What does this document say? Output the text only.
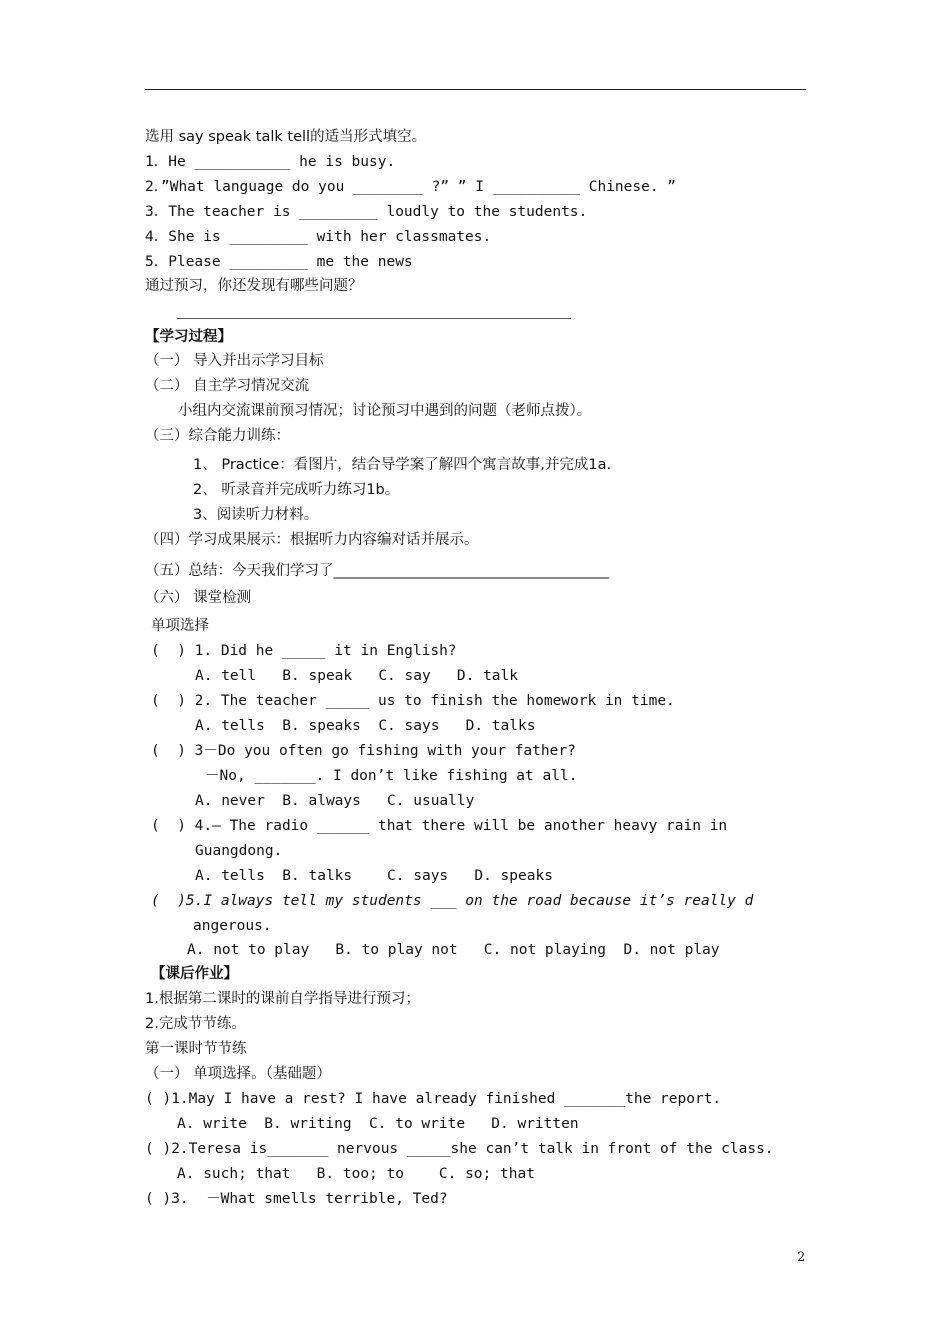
选用 say speak talk tell的适当形式填空。
1．He ___________ he is busy.
2．”What language do you ________ ?” ” I __________ Chinese. ”
3．The teacher is _________ loudly to the students.
4．She is _________ with her classmates.
5．Please _________ me the news
通过预习，你还发现有哪些问题？
【学习过程】
（一） 导入并出示学习目标
（二） 自主学习情况交流
小组内交流课前预习情况；讨论预习中遇到的问题（老师点拨）。
（三）综合能力训练：
1、 Practice：看图片，结合导学案了解四个寓言故事,并完成1a.
2、 听录音并完成听力练习1b。
3、阅读听力材料。
（四）学习成果展示：根据听力内容编对话并展示。
（五）总结：今天我们学习了______________________________________
（六） 课堂检测
单项选择
(  ) 1. Did he _____ it in English?
A. tell   B. speak   C. say   D. talk
(  ) 2. The teacher _____ us to finish the homework in time.
A. tells  B. speaks  C. says   D. talks
(  ) 3－Do you often go fishing with your father?
－No, _______. I don’t like fishing at all.
A. never  B. always   C. usually
(  ) 4.— The radio ______ that there will be another heavy rain in
Guangdong.
A. tells  B. talks    C. says   D. speaks
(  )5.I always tell my students ___ on the road because it’s really d
angerous.
A. not to play   B. to play not   C. not playing  D. not play
【课后作业】
1.根据第二课时的课前自学指导进行预习；
2.完成节节练。
第一课时节节练
（一） 单项选择。（基础题）
( )1.May I have a rest? I have already finished _______the report.
A. write  B. writing  C. to write   D. written
( )2.Teresa is_______ nervous _____she can’t talk in front of the class.
A. such; that   B. too; to    C. so; that
( )3.  －What smells terrible, Ted?
2
